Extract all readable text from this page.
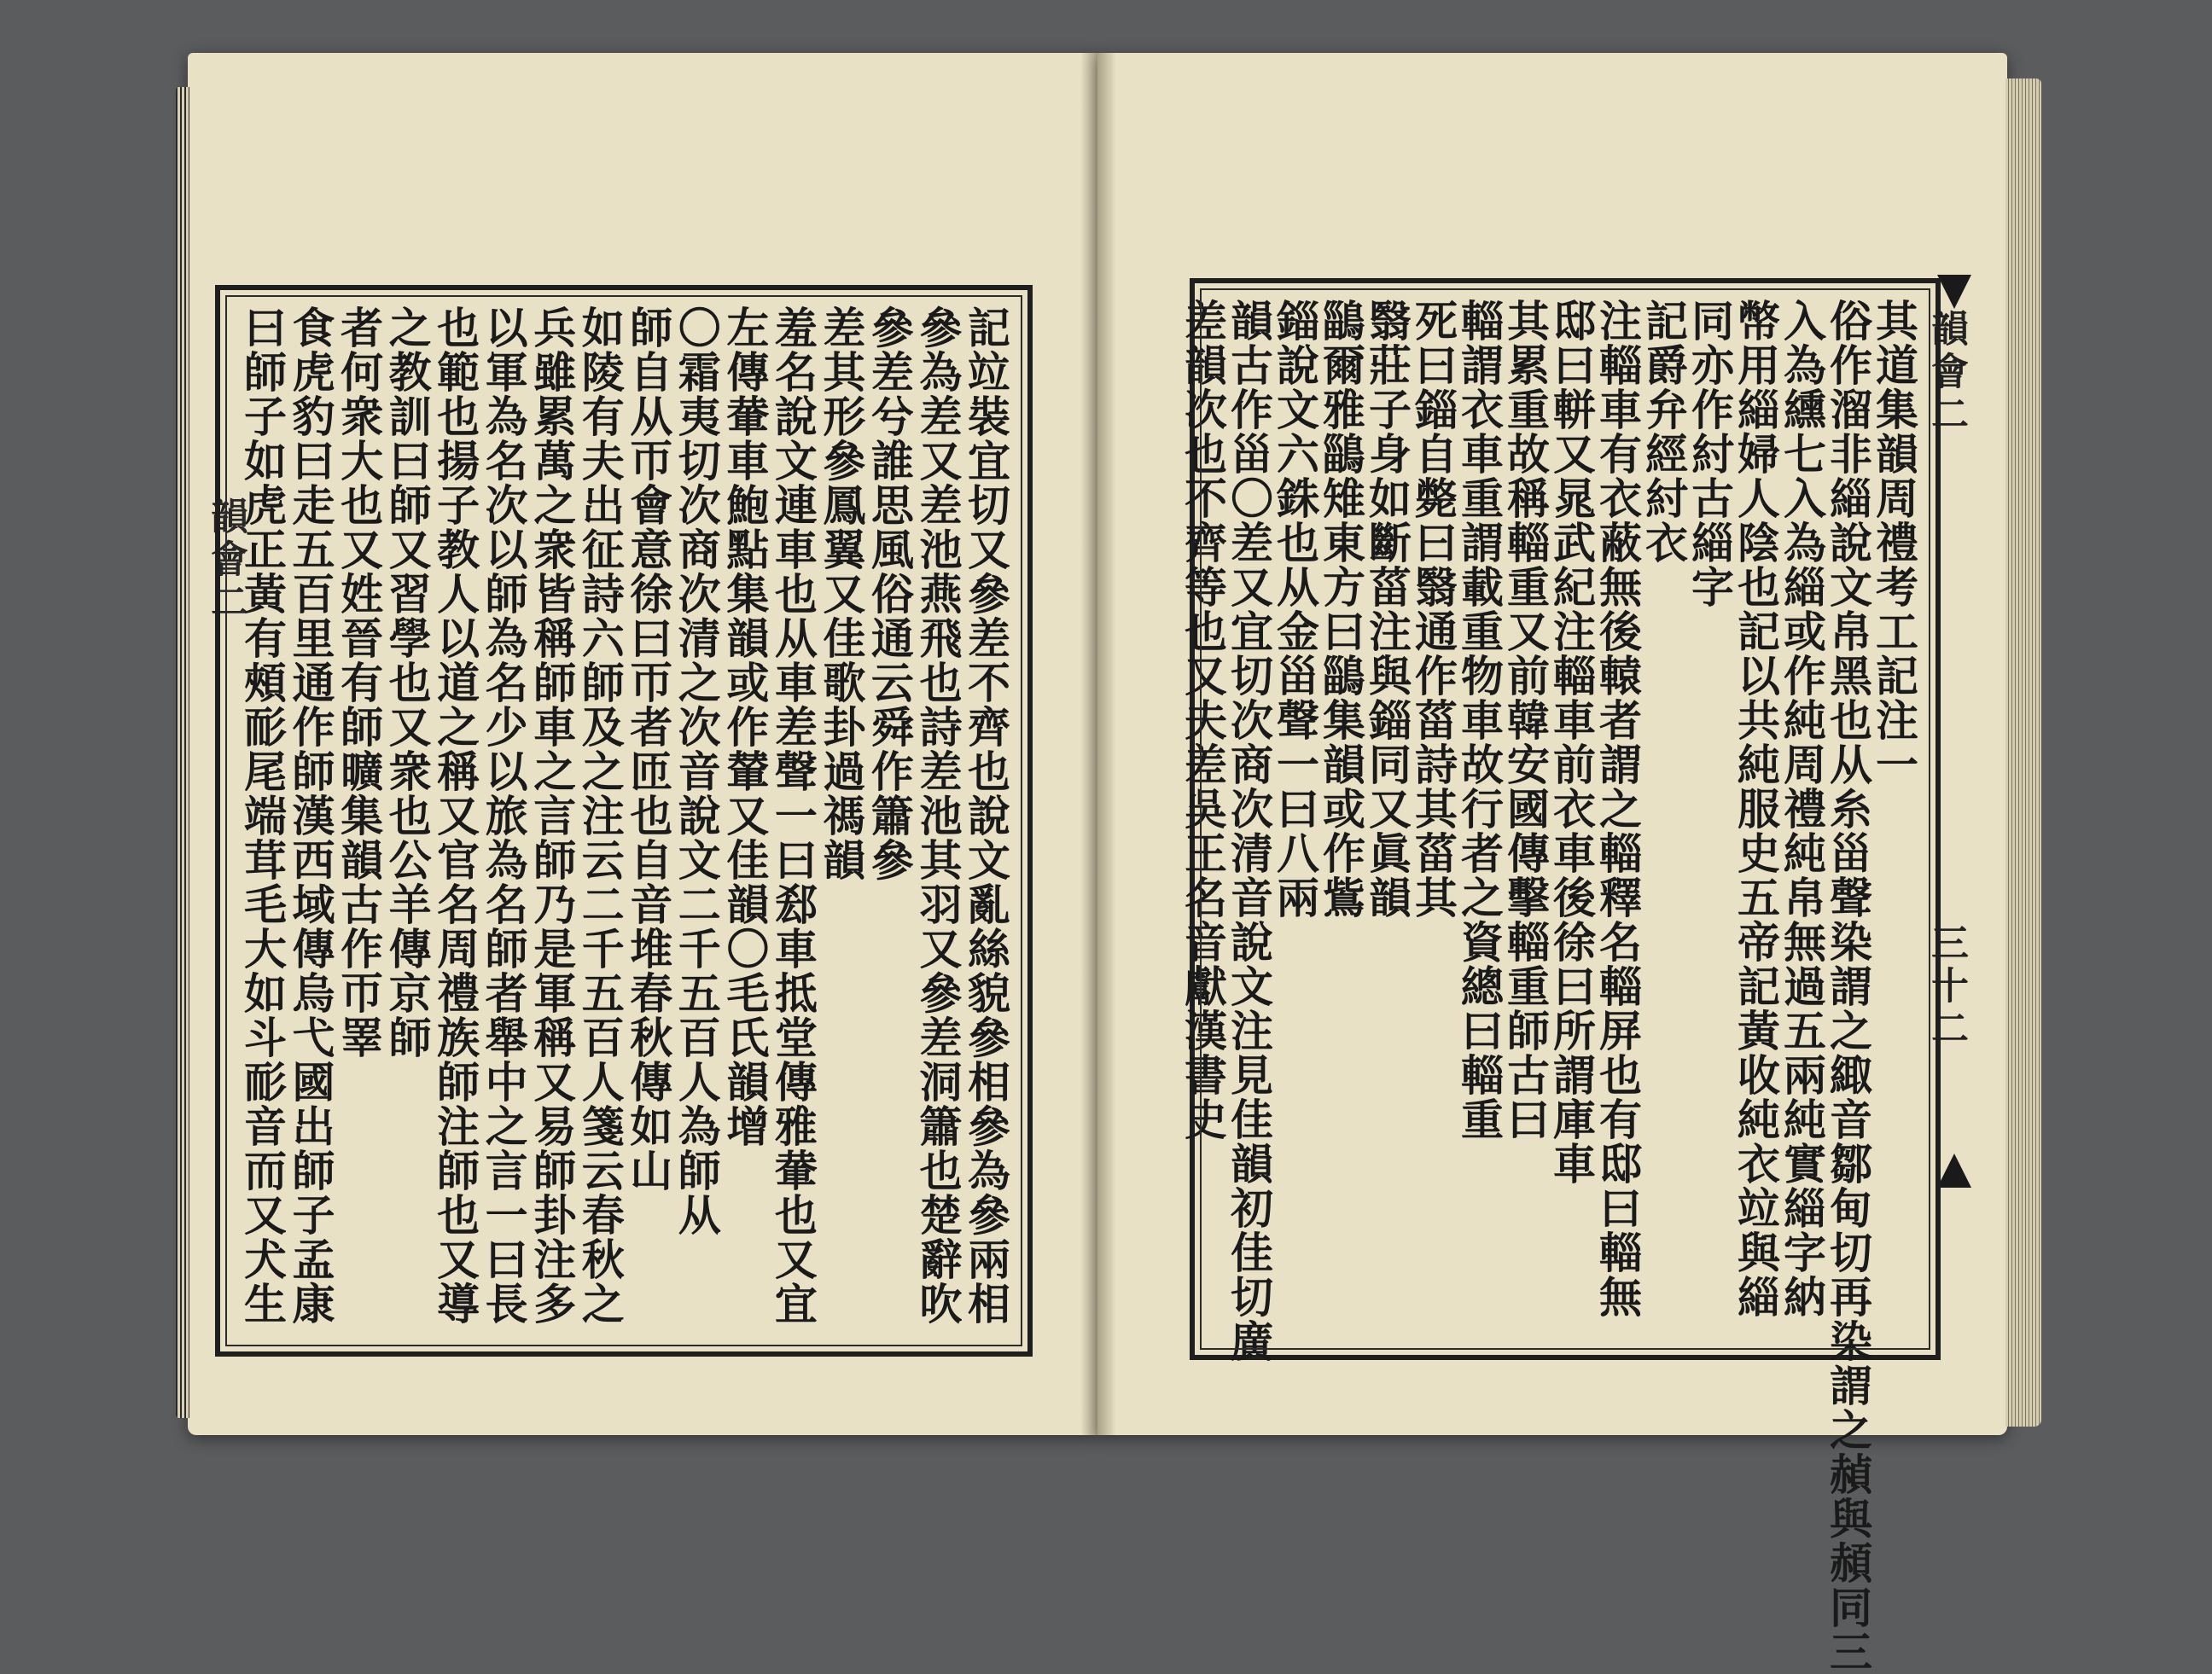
韻會二	記竝裝宜切又參差不齊也說文亂絲貌參相參為參兩相
參為差又差池燕飛也詩差池其羽又參差洞簫也楚辭吹
參差兮誰思風俗通云舜作簫參
差其形參鳳翼又佳歌卦過禡韻
羞名說文連車也从車差聲一曰郄車抵堂傳雅輂也又宜
左傳輂車鮑點集韻或作輦又佳韻〇毛氏韻增
〇霜夷切次商次清之次音說文二千五百人為師从
師自从帀會意徐曰帀者匝也自音堆春秋傳如山
如陵有夫出征詩六師及之注云二千五百人箋云春秋之
兵雖累萬之衆皆稱師車之言師乃是軍稱又易師卦注多
以軍為名次以師為名少以旅為名師者舉中之言一曰長
也範也揚子教人以道之稱又官名周禮族師注師也又導
之教訓曰師又習學也又衆也公羊傳京師
者何衆大也又姓晉有師曠集韻古作帀睪
食虎豹曰走五百里通作師漢西域傳烏弋國出師子孟康
曰師子如虎正黃有頰耏尾端茸毛大如斗耏音而又犬生	韻會二
三十二
其道集韻周禮考工記注一
俗作溜非緇說文帛黑也从糸甾聲染謂之緅音鄒甸切再染謂之赬與頳同三
入為纁七入為緇或作純周禮純帛無過五兩純實緇字納
幣用緇婦人陰也記以共純服史五帝記黃收純衣竝與緇
同亦作紂古緇字
記爵弁經紂衣
注輜車有衣蔽無後轅者謂之輜釋名輜屏也有邸曰輜無
邸曰軿又晁武紀注輜車前衣車後徐曰所謂庫車
其累重故稱輜重又前韓安國傳擊輜重師古曰
輜謂衣車重謂載重物車故行者之資總曰輜重
死曰錙自斃曰翳通作菑詩其菑其
翳莊子身如斷菑注與錙同又眞韻
鶅爾雅鶅雉東方曰鶅集韻或作鴜
錙說文六銖也从金甾聲一曰八兩
韻古作甾〇差又宜切次商次清音說文注見佳韻初佳切廣
差韻次也不齊等也又夫差吳王名音獻漢書史
